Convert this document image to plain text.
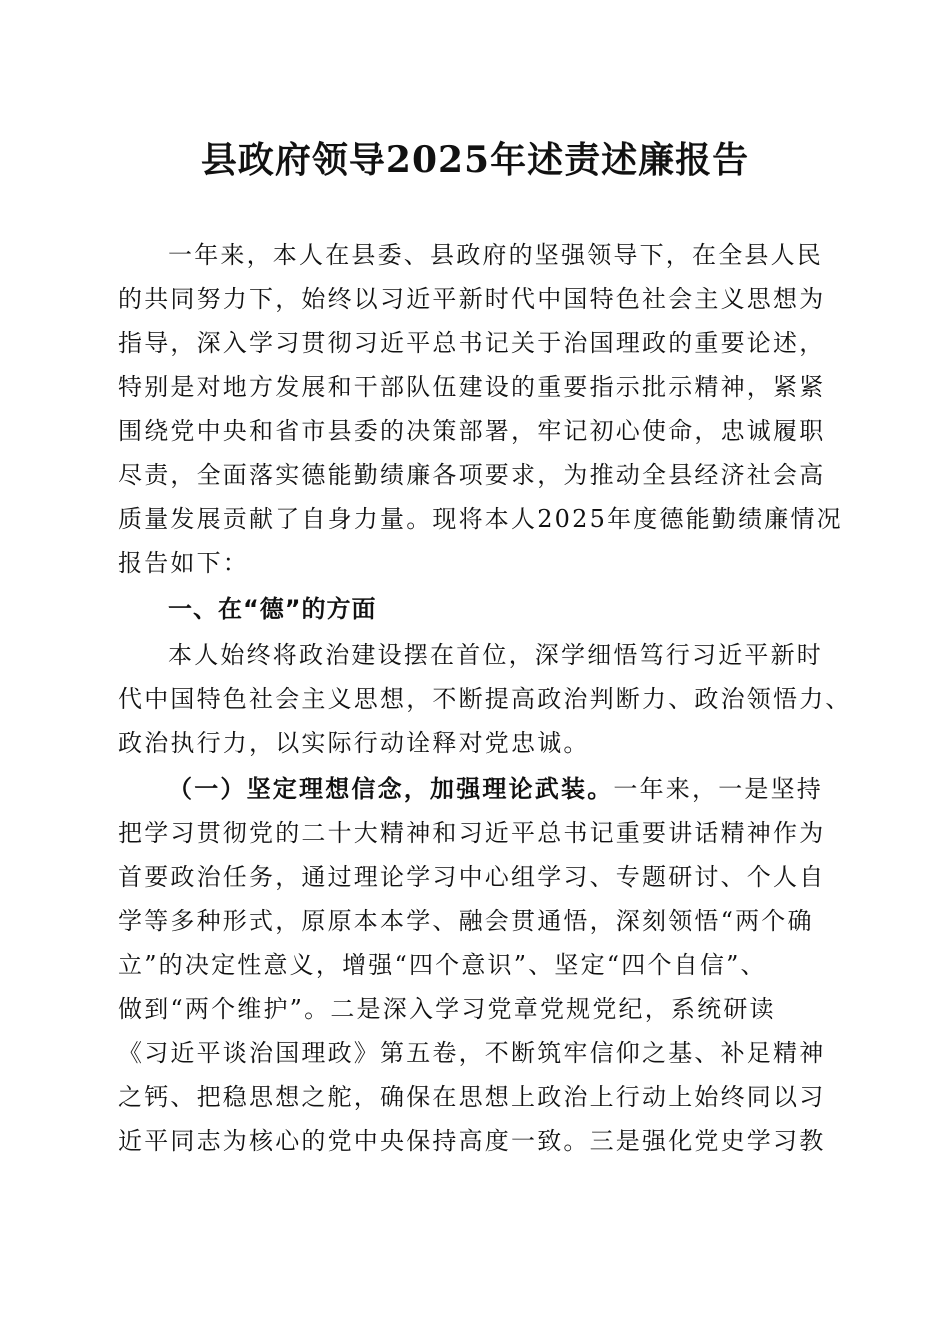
县政府领导2025年述责述廉报告
一年来，本人在县委、县政府的坚强领导下，在全县人民
的共同努力下，始终以习近平新时代中国特色社会主义思想为
指导，深入学习贯彻习近平总书记关于治国理政的重要论述，
特别是对地方发展和干部队伍建设的重要指示批示精神，紧紧
围绕党中央和省市县委的决策部署，牢记初心使命，忠诚履职
尽责，全面落实德能勤绩廉各项要求，为推动全县经济社会高
质量发展贡献了自身力量。现将本人2025年度德能勤绩廉情况
报告如下：
一、在“德”的方面
本人始终将政治建设摆在首位，深学细悟笃行习近平新时
代中国特色社会主义思想，不断提高政治判断力、政治领悟力、
政治执行力，以实际行动诠释对党忠诚。
（一）坚定理想信念，加强理论武装。一年来，一是坚持
把学习贯彻党的二十大精神和习近平总书记重要讲话精神作为
首要政治任务，通过理论学习中心组学习、专题研讨、个人自
学等多种形式，原原本本学、融会贯通悟，深刻领悟“两个确
立”的决定性意义，增强“四个意识”、坚定“四个自信”、
做到“两个维护”。二是深入学习党章党规党纪，系统研读
《习近平谈治国理政》第五卷，不断筑牢信仰之基、补足精神
之钙、把稳思想之舵，确保在思想上政治上行动上始终同以习
近平同志为核心的党中央保持高度一致。三是强化党史学习教
